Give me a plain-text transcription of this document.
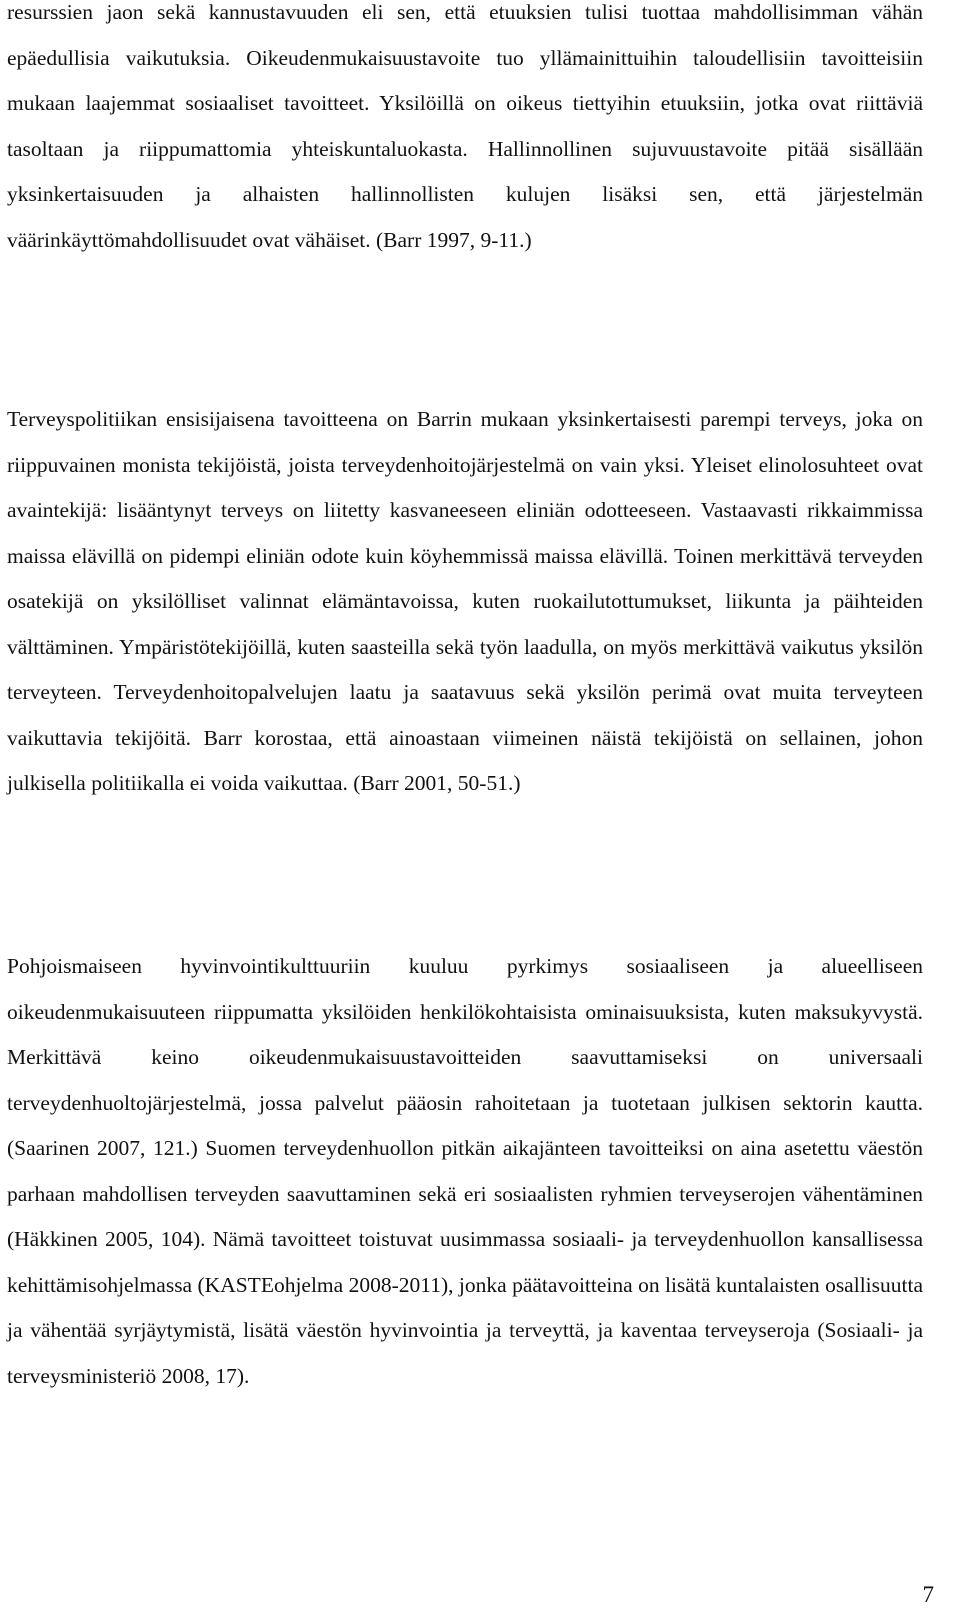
resurssien jaon sekä kannustavuuden eli sen, että etuuksien tulisi tuottaa mahdollisimman vähän epäedullisia vaikutuksia. Oikeudenmukaisuustavoite tuo yllämainittuihin taloudellisiin tavoitteisiin mukaan laajemmat sosiaaliset tavoitteet. Yksilöillä on oikeus tiettyihin etuuksiin, jotka ovat riittäviä tasoltaan ja riippumattomia yhteiskuntaluokasta. Hallinnollinen sujuvuustavoite pitää sisällään yksinkertaisuuden ja alhaisten hallinnollisten kulujen lisäksi sen, että järjestelmän väärinkäyttömahdollisuudet ovat vähäiset. (Barr 1997, 9-11.)

Terveyspolitiikan ensisijaisena tavoitteena on Barrin mukaan yksinkertaisesti parempi terveys, joka on riippuvainen monista tekijöistä, joista terveydenhoitojärjestelmä on vain yksi. Yleiset elinolosuhteet ovat avaintekijä: lisääntynyt terveys on liitetty kasvaneeseen eliniän odotteeseen. Vastaavasti rikkaimmissa maissa elävillä on pidempi eliniän odote kuin köyhemmissä maissa elävillä. Toinen merkittävä terveyden osatekijä on yksilölliset valinnat elämäntavoissa, kuten ruokailutottumukset, liikunta ja päihteiden välttäminen. Ympäristötekijöillä, kuten saasteilla sekä työn laadulla, on myös merkittävä vaikutus yksilön terveyteen. Terveydenhoitopalvelujen laatu ja saatavuus sekä yksilön perimä ovat muita terveyteen vaikuttavia tekijöitä. Barr korostaa, että ainoastaan viimeinen näistä tekijöistä on sellainen, johon julkisella politiikalla ei voida vaikuttaa. (Barr 2001, 50-51.)

Pohjoismaiseen hyvinvointikulttuuriin kuuluu pyrkimys sosiaaliseen ja alueelliseen oikeudenmukaisuuteen riippumatta yksilöiden henkilökohtaisista ominaisuuksista, kuten maksukyvystä. Merkittävä keino oikeudenmukaisuustavoitteiden saavuttamiseksi on universaali terveydenhuoltojärjestelmä, jossa palvelut pääosin rahoitetaan ja tuotetaan julkisen sektorin kautta. (Saarinen 2007, 121.) Suomen terveydenhuollon pitkän aikajänteen tavoitteiksi on aina asetettu väestön parhaan mahdollisen terveyden saavuttaminen sekä eri sosiaalisten ryhmien terveyserojen vähentäminen (Häkkinen 2005, 104). Nämä tavoitteet toistuvat uusimmassa sosiaali- ja terveydenhuollon kansallisessa kehittämisohjelmassa (KASTEohjelma 2008-2011), jonka päätavoitteina on lisätä kuntalaisten osallisuutta ja vähentää syrjäytymistä, lisätä väestön hyvinvointia ja terveyttä, ja kaventaa terveyseroja (Sosiaali- ja terveysministeriö 2008, 17).

7
